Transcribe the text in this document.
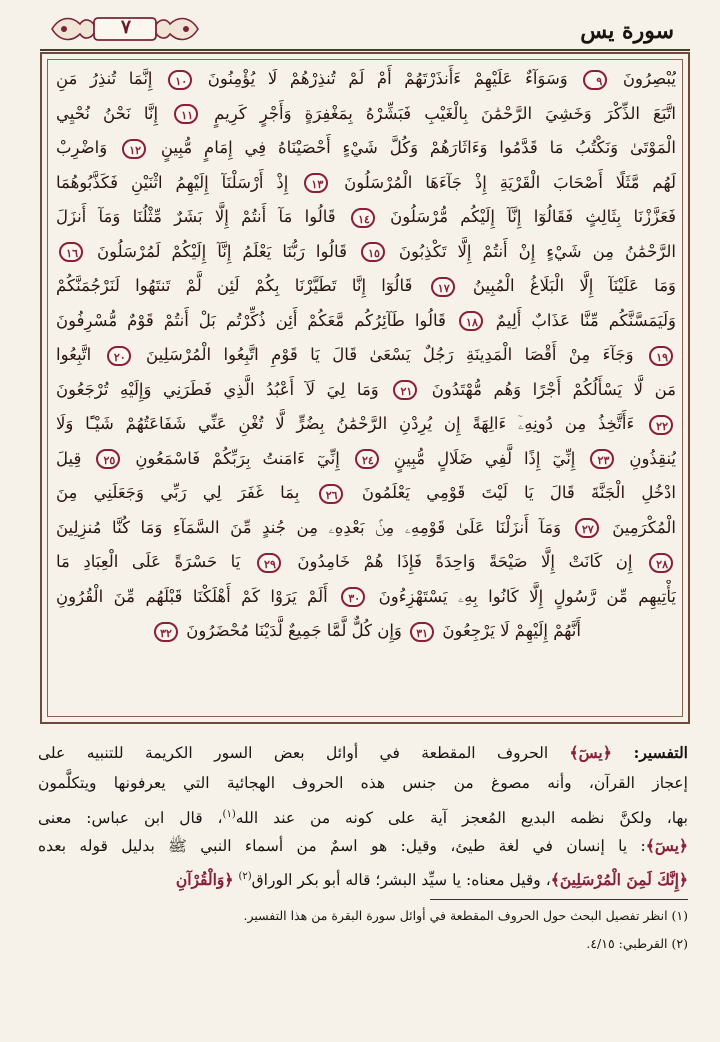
٧	سورة يس
يُبْصِرُونَ ٩ وَسَوَآءٌ عَلَيْهِمْ ءَأَنذَرْتَهُمْ أَمْ لَمْ تُنذِرْهُمْ لَا يُؤْمِنُونَ ١٠ إِنَّمَا تُنذِرُ مَنِ
اتَّبَعَ الذِّكْرَ وَخَشِيَ الرَّحْمَٰنَ بِالْغَيْبِ فَبَشِّرْهُ بِمَغْفِرَةٍ وَأَجْرٍ كَرِيمٍ ١١ إِنَّا نَحْنُ نُحْيِي
الْمَوْتَىٰ وَنَكْتُبُ مَا قَدَّمُوا وَءَاثَارَهُمْ وَكُلَّ شَيْءٍ أَحْصَيْنَاهُ فِي إِمَامٍ مُّبِينٍ ١٢ وَاضْرِبْ
لَهُم مَّثَلًا أَصْحَابَ الْقَرْيَةِ إِذْ جَآءَهَا الْمُرْسَلُونَ ١٣ إِذْ أَرْسَلْنَآ إِلَيْهِمُ اثْنَيْنِ فَكَذَّبُوهُمَا
فَعَزَّزْنَا بِثَالِثٍ فَقَالُوٓا إِنَّآ إِلَيْكُم مُّرْسَلُونَ ١٤ قَالُوا مَآ أَنتُمْ إِلَّا بَشَرٌ مِّثْلُنَا وَمَآ أَنزَلَ
الرَّحْمَٰنُ مِن شَيْءٍ إِنْ أَنتُمْ إِلَّا تَكْذِبُونَ ١٥ قَالُوا رَبُّنَا يَعْلَمُ إِنَّآ إِلَيْكُمْ لَمُرْسَلُونَ ١٦
وَمَا عَلَيْنَآ إِلَّا الْبَلَاغُ الْمُبِينُ ١٧ قَالُوٓا إِنَّا تَطَيَّرْنَا بِكُمْ لَئِن لَّمْ تَنتَهُوا لَنَرْجُمَنَّكُمْ
وَلَيَمَسَّنَّكُم مِّنَّا عَذَابٌ أَلِيمٌ ١٨ قَالُوا طَآئِرُكُم مَّعَكُمْ أَئِن ذُكِّرْتُم بَلْ أَنتُمْ قَوْمٌ مُّسْرِفُونَ
١٩ وَجَآءَ مِنْ أَقْصَا الْمَدِينَةِ رَجُلٌ يَسْعَىٰ قَالَ يَا قَوْمِ اتَّبِعُوا الْمُرْسَلِينَ ٢٠ اتَّبِعُوا
مَن لَّا يَسْأَلُكُمْ أَجْرًا وَهُم مُّهْتَدُونَ ٢١ وَمَا لِيَ لَآ أَعْبُدُ الَّذِي فَطَرَنِي وَإِلَيْهِ تُرْجَعُونَ
٢٢ ءَأَتَّخِذُ مِن دُونِهِۦٓ ءَالِهَةً إِن يُرِدْنِ الرَّحْمَٰنُ بِضُرٍّ لَّا تُغْنِ عَنِّي شَفَاعَتُهُمْ شَيْـًٔا وَلَا
يُنقِذُونِ ٢٣ إِنِّيٓ إِذًا لَّفِي ضَلَالٍ مُّبِينٍ ٢٤ إِنِّيٓ ءَامَنتُ بِرَبِّكُمْ فَاسْمَعُونِ ٢٥ قِيلَ
ادْخُلِ الْجَنَّةَ قَالَ يَا لَيْتَ قَوْمِي يَعْلَمُونَ ٢٦ بِمَا غَفَرَ لِي رَبِّي وَجَعَلَنِي مِنَ
الْمُكْرَمِينَ ٢٧ وَمَآ أَنزَلْنَا عَلَىٰ قَوْمِهِۦ مِنۢ بَعْدِهِۦ مِن جُندٍ مِّنَ السَّمَآءِ وَمَا كُنَّا مُنزِلِينَ
٢٨ إِن كَانَتْ إِلَّا صَيْحَةً وَاحِدَةً فَإِذَا هُمْ خَامِدُونَ ٢٩ يَا حَسْرَةً عَلَى الْعِبَادِ مَا
يَأْتِيهِم مِّن رَّسُولٍ إِلَّا كَانُوا بِهِۦ يَسْتَهْزِءُونَ ٣٠ أَلَمْ يَرَوْا كَمْ أَهْلَكْنَا قَبْلَهُم مِّنَ الْقُرُونِ
أَنَّهُمْ إِلَيْهِمْ لَا يَرْجِعُونَ ٣١ وَإِن كُلٌّ لَّمَّا جَمِيعٌ لَّدَيْنَا مُحْضَرُونَ ٣٢
التفسير: ﴿يسٓ﴾ الحروف المقطعة في أوائل بعض السور الكريمة للتنبيه على
إعجاز القرآن، وأنه مصوغ من جنس هذه الحروف الهجائية التي يعرفونها ويتكلَّمون
بها، ولكنَّ نظمه البديع المُعجز آية على كونه من عند الله$^{(١)}$، قال ابن عباس: معنى
﴿يسٓ﴾: يا إنسان في لغة طيئ، وقيل: هو اسمٌ من أسماء النبي ﷺ بدليل قوله بعده
﴿إِنَّكَ لَمِنَ الْمُرْسَلِينَ﴾، وقيل معناه: يا سيِّد البشر؛ قاله أبو بكر الوراق$^{(٢)}$ ﴿وَالْقُرْآنِ
(١) انظر تفصيل البحث حول الحروف المقطعة في أوائل سورة البقرة من هذا التفسير.
(٢) القرطبي: ٤/١٥.
